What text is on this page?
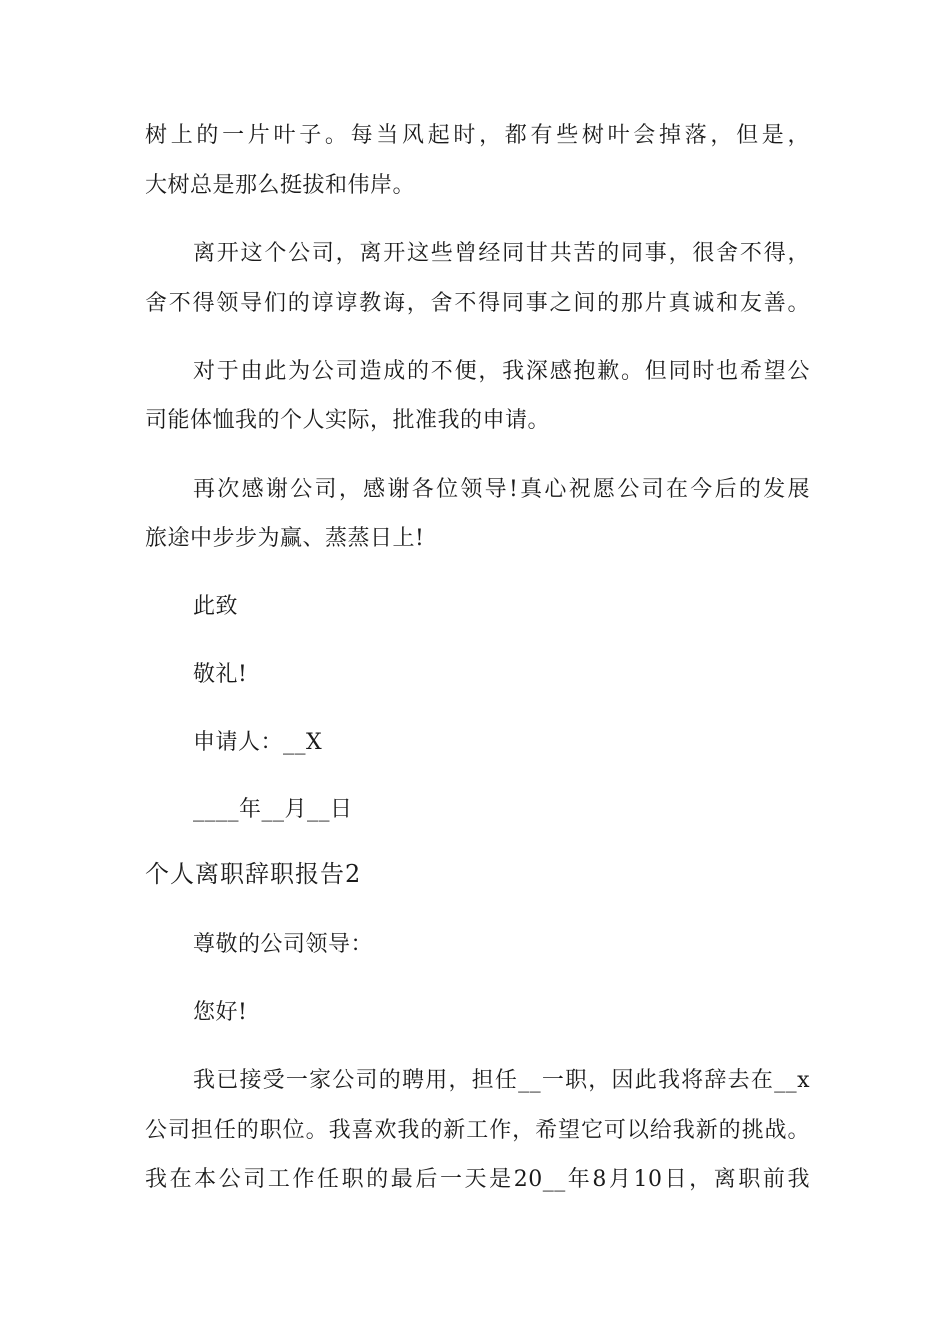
树上的一片叶子。每当风起时，都有些树叶会掉落，但是，
大树总是那么挺拔和伟岸。
离开这个公司，离开这些曾经同甘共苦的同事，很舍不得，
舍不得领导们的谆谆教诲，舍不得同事之间的那片真诚和友善。
对于由此为公司造成的不便，我深感抱歉。但同时也希望公
司能体恤我的个人实际，批准我的申请。
再次感谢公司，感谢各位领导!真心祝愿公司在今后的发展
旅途中步步为赢、蒸蒸日上!
此致
敬礼!
申请人：__X
____年__月__日
个人离职辞职报告2
尊敬的公司领导：
您好!
我已接受一家公司的聘用，担任__一职，因此我将辞去在__x
公司担任的职位。我喜欢我的新工作，希望它可以给我新的挑战。
我在本公司工作任职的最后一天是20__年8月10日，离职前我
